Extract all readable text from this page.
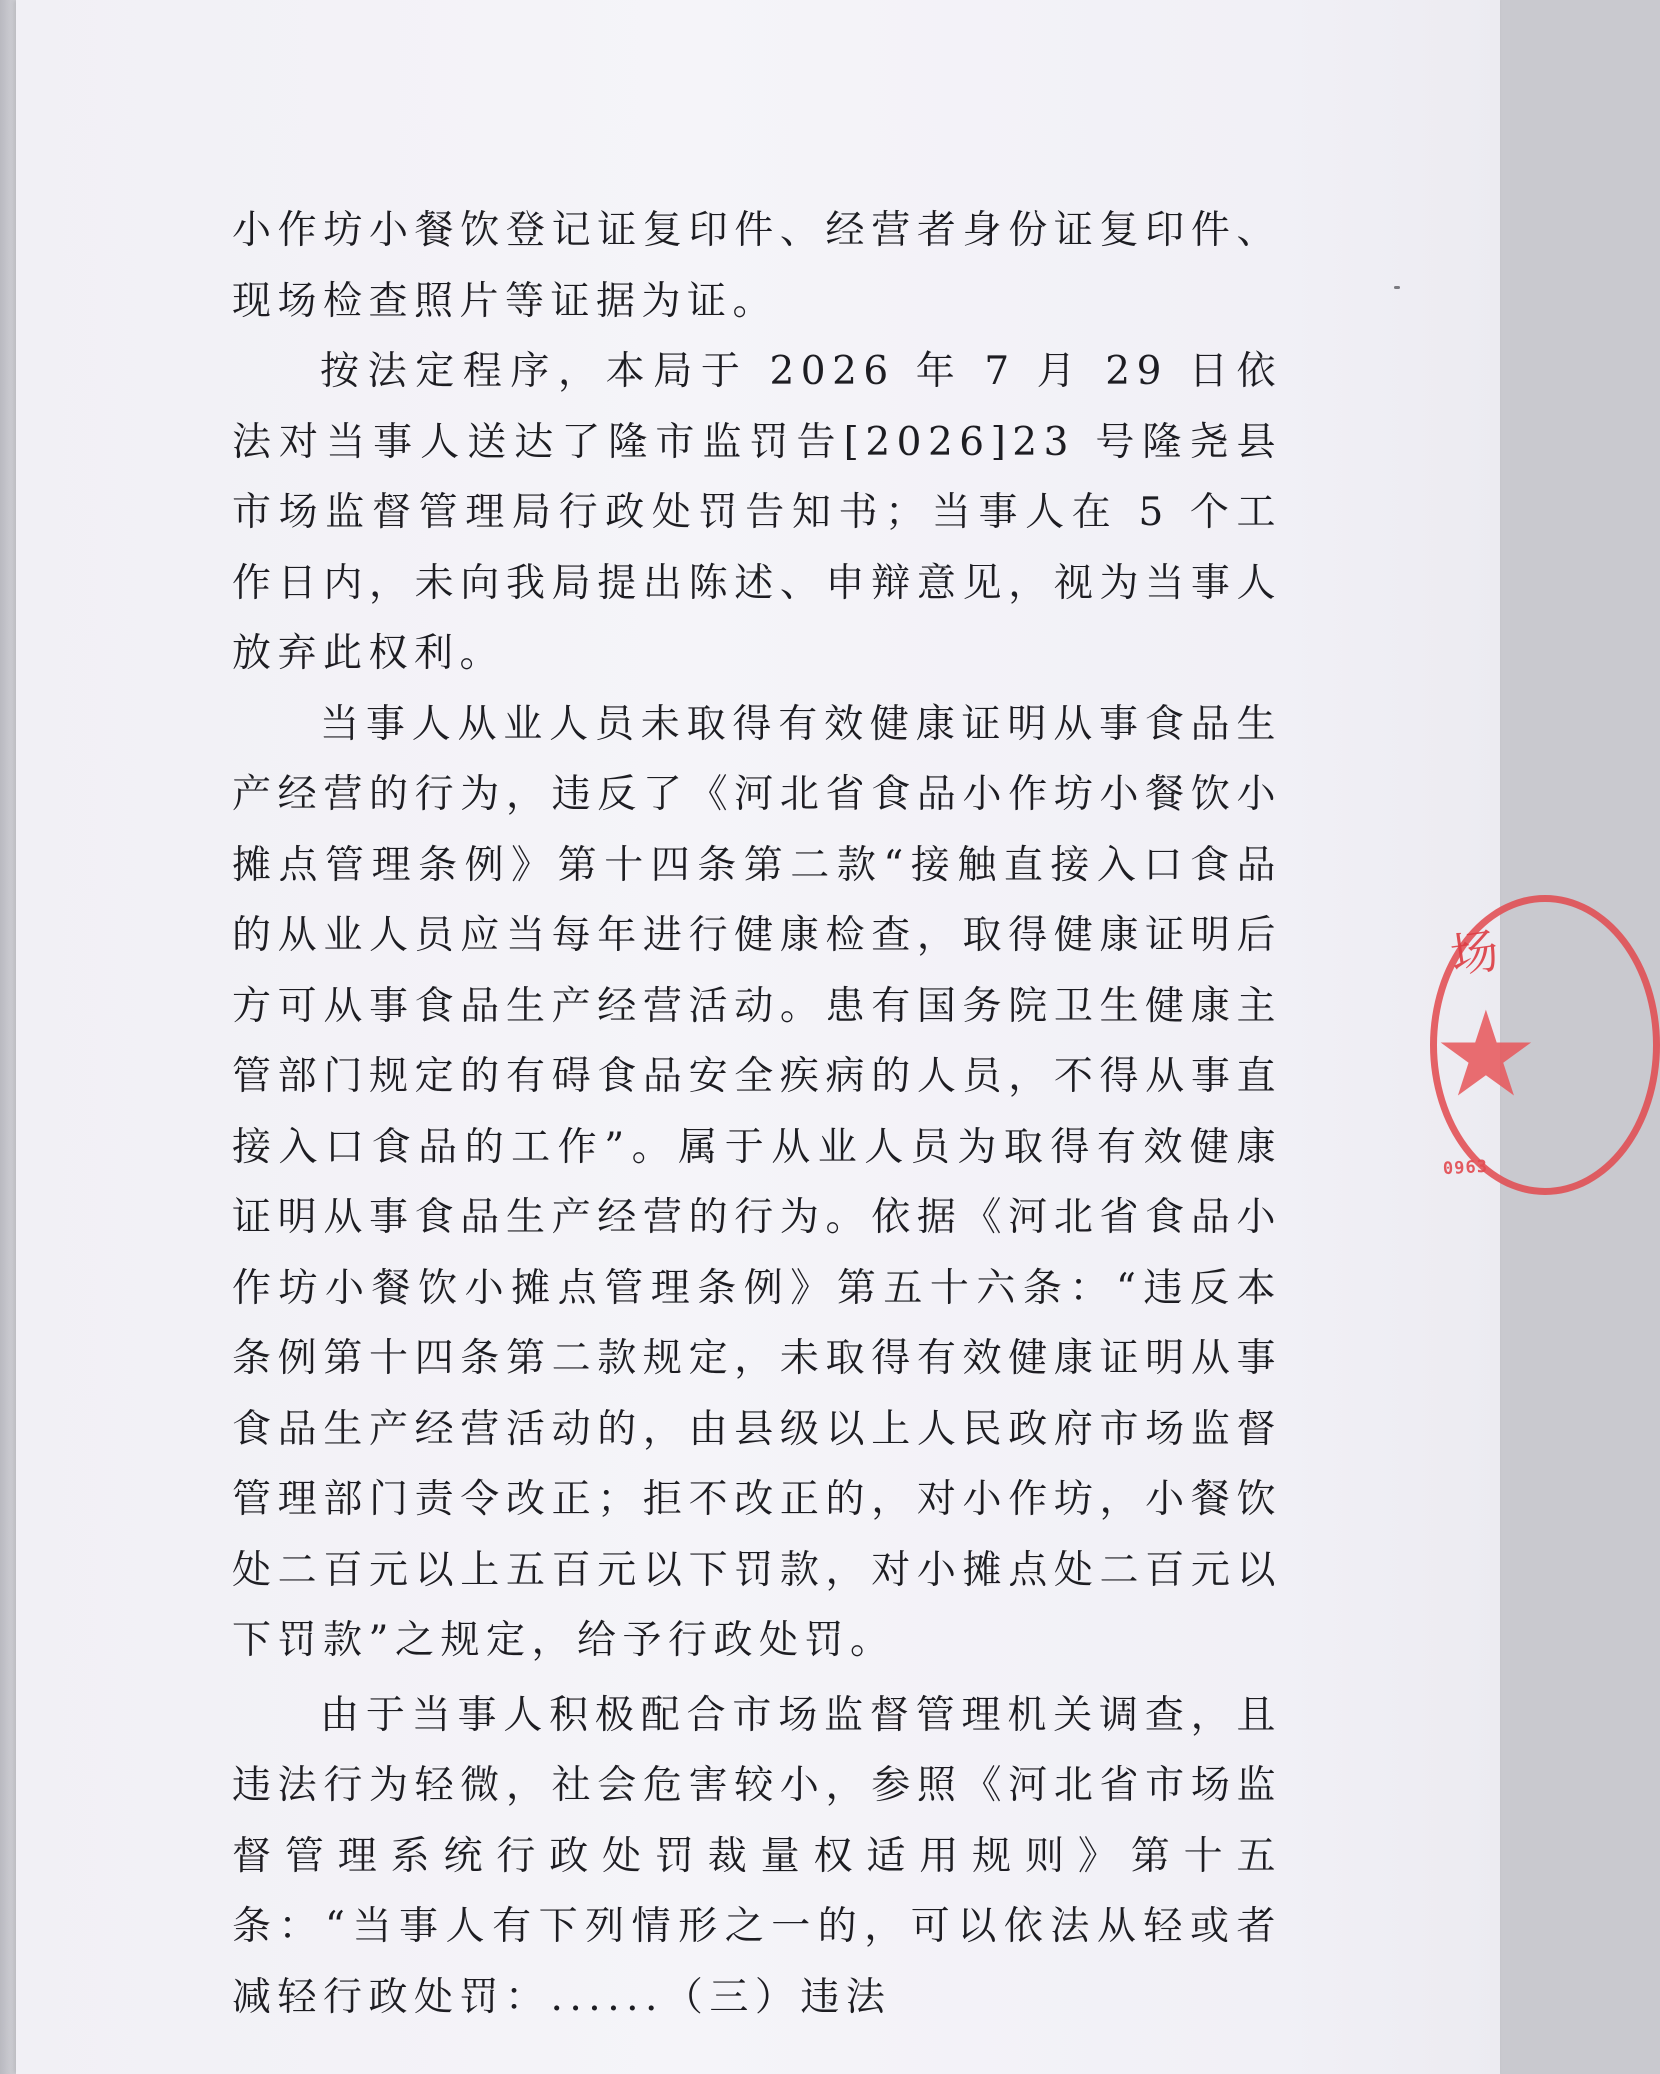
小作坊小餐饮登记证复印件、经营者身份证复印件、现场检查照片等证据为证。

按法定程序，本局于 2026 年 7 月 29 日依法对当事人送达了隆市监罚告[2026]23 号隆尧县市场监督管理局行政处罚告知书；当事人在 5 个工作日内，未向我局提出陈述、申辩意见，视为当事人放弃此权利。

当事人从业人员未取得有效健康证明从事食品生产经营的行为，违反了《河北省食品小作坊小餐饮小摊点管理条例》第十四条第二款“接触直接入口食品的从业人员应当每年进行健康检查，取得健康证明后方可从事食品生产经营活动。患有国务院卫生健康主管部门规定的有碍食品安全疾病的人员，不得从事直接入口食品的工作”。属于从业人员为取得有效健康证明从事食品生产经营的行为。依据《河北省食品小作坊小餐饮小摊点管理条例》第五十六条：“违反本条例第十四条第二款规定，未取得有效健康证明从事食品生产经营活动的，由县级以上人民政府市场监督管理部门责令改正；拒不改正的，对小作坊，小餐饮处二百元以上五百元以下罚款，对小摊点处二百元以下罚款”之规定，给予行政处罚。

由于当事人积极配合市场监督管理机关调查，且违法行为轻微，社会危害较小，参照《河北省市场监督管理系统行政处罚裁量权适用规则》第十五条：“当事人有下列情形之一的，可以依法从轻或者减轻行政处罚：......（三）违法

场
★
0963
